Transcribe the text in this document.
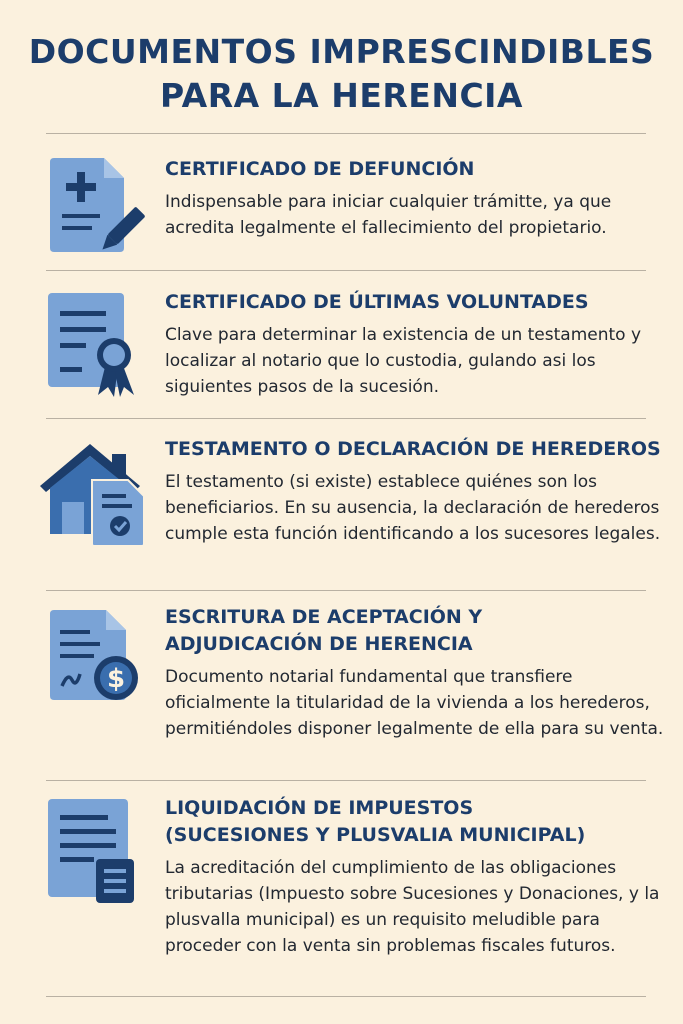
DOCUMENTOS IMPRESCINDIBLES
PARA LA HERENCIA
CERTIFICADO DE DEFUNCIÓN

Indispensable para iniciar cualquier trámitte, ya que acredita legalmente el fallecimiento del propietario.

CERTIFICADO DE ÚLTIMAS VOLUNTADES

Clave para determinar la existencia de un testamento y localizar al notario que lo custodia, gulando asi los siguientes pasos de la sucesión.

TESTAMENTO O DECLARACIÓN DE HEREDEROS

El testamento (si existe) establece quiénes son los beneficiarios. En su ausencia, la declaración de herederos cumple esta función identificando a los sucesores legales.

$
ESCRITURA DE ACEPTACIÓN Y
ADJUDICACIÓN DE HERENCIA

Documento notarial fundamental que transfiere oficialmente la titularidad de la vivienda a los herederos, permitiéndoles disponer legalmente de ella para su venta.

LIQUIDACIÓN DE IMPUESTOS
(SUCESIONES Y PLUSVALIA MUNICIPAL)

La acreditación del cumplimiento de las obligaciones tributarias (Impuesto sobre Sucesiones y Donaciones, y la plusvalla municipal) es un requisito meludible para proceder con la venta sin problemas fiscales futuros.
